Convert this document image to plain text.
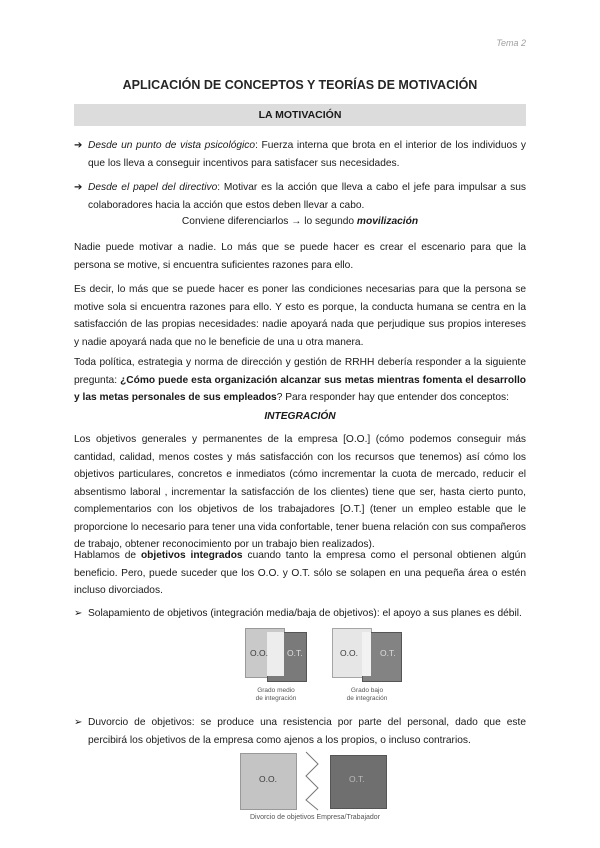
Tema 2
APLICACIÓN DE CONCEPTOS Y TEORÍAS DE MOTIVACIÓN
LA MOTIVACIÓN
➔ Desde un punto de vista psicológico: Fuerza interna que brota en el interior de los individuos y que los lleva a conseguir incentivos para satisfacer sus necesidades.
➔ Desde el papel del directivo: Motivar es la acción que lleva a cabo el jefe para impulsar a sus colaboradores hacia la acción que estos deben llevar a cabo.
Conviene diferenciarlos → lo segundo movilización

Nadie puede motivar a nadie. Lo más que se puede hacer es crear el escenario para que la persona se motive, si encuentra suficientes razones para ello.

Es decir, lo más que se puede hacer es poner las condiciones necesarias para que la persona se motive sola si encuentra razones para ello. Y esto es porque, la conducta humana se centra en la satisfacción de las propias necesidades: nadie apoyará nada que perjudique sus propios intereses y nadie apoyará nada que no le beneficie de una u otra manera.

Toda política, estrategia y norma de dirección y gestión de RRHH debería responder a la siguiente pregunta: ¿Cómo puede esta organización alcanzar sus metas mientras fomenta el desarrollo y las metas personales de sus empleados? Para responder hay que entender dos conceptos:

INTEGRACIÓN

Los objetivos generales y permanentes de la empresa [O.O.] (cómo podemos conseguir más cantidad, calidad, menos costes y más satisfacción con los recursos que tenemos) así cómo los objetivos particulares, concretos e inmediatos (cómo incrementar la cuota de mercado, reducir el absentismo laboral , incrementar la satisfacción de los clientes) tiene que ser, hasta cierto punto, complementarios con los objetivos de los trabajadores [O.T.] (tener un empleo estable que le proporcione lo necesario para tener una vida confortable, tener buena relación con sus compañeros de trabajo, obtener reconocimiento por un trabajo bien realizados).

Hablamos de objetivos integrados cuando tanto la empresa como el personal obtienen algún beneficio. Pero, puede suceder que los O.O. y O.T. sólo se solapen en una pequeña área o estén incluso divorciados.

➢ Solapamiento de objetivos (integración media/baja de objetivos): el apoyo a sus planes es débil.
O.O. O.T.
Grado medio
de integración
O.O.	O.T.
Grado bajo
de integración
➢ Duvorcio de objetivos: se produce una resistencia por parte del personal, dado que este percibirá los objetivos de la empresa como ajenos a los propios, o incluso contrarios.
O.O.	O.T.
Divorcio de objetivos Empresa/Trabajador
